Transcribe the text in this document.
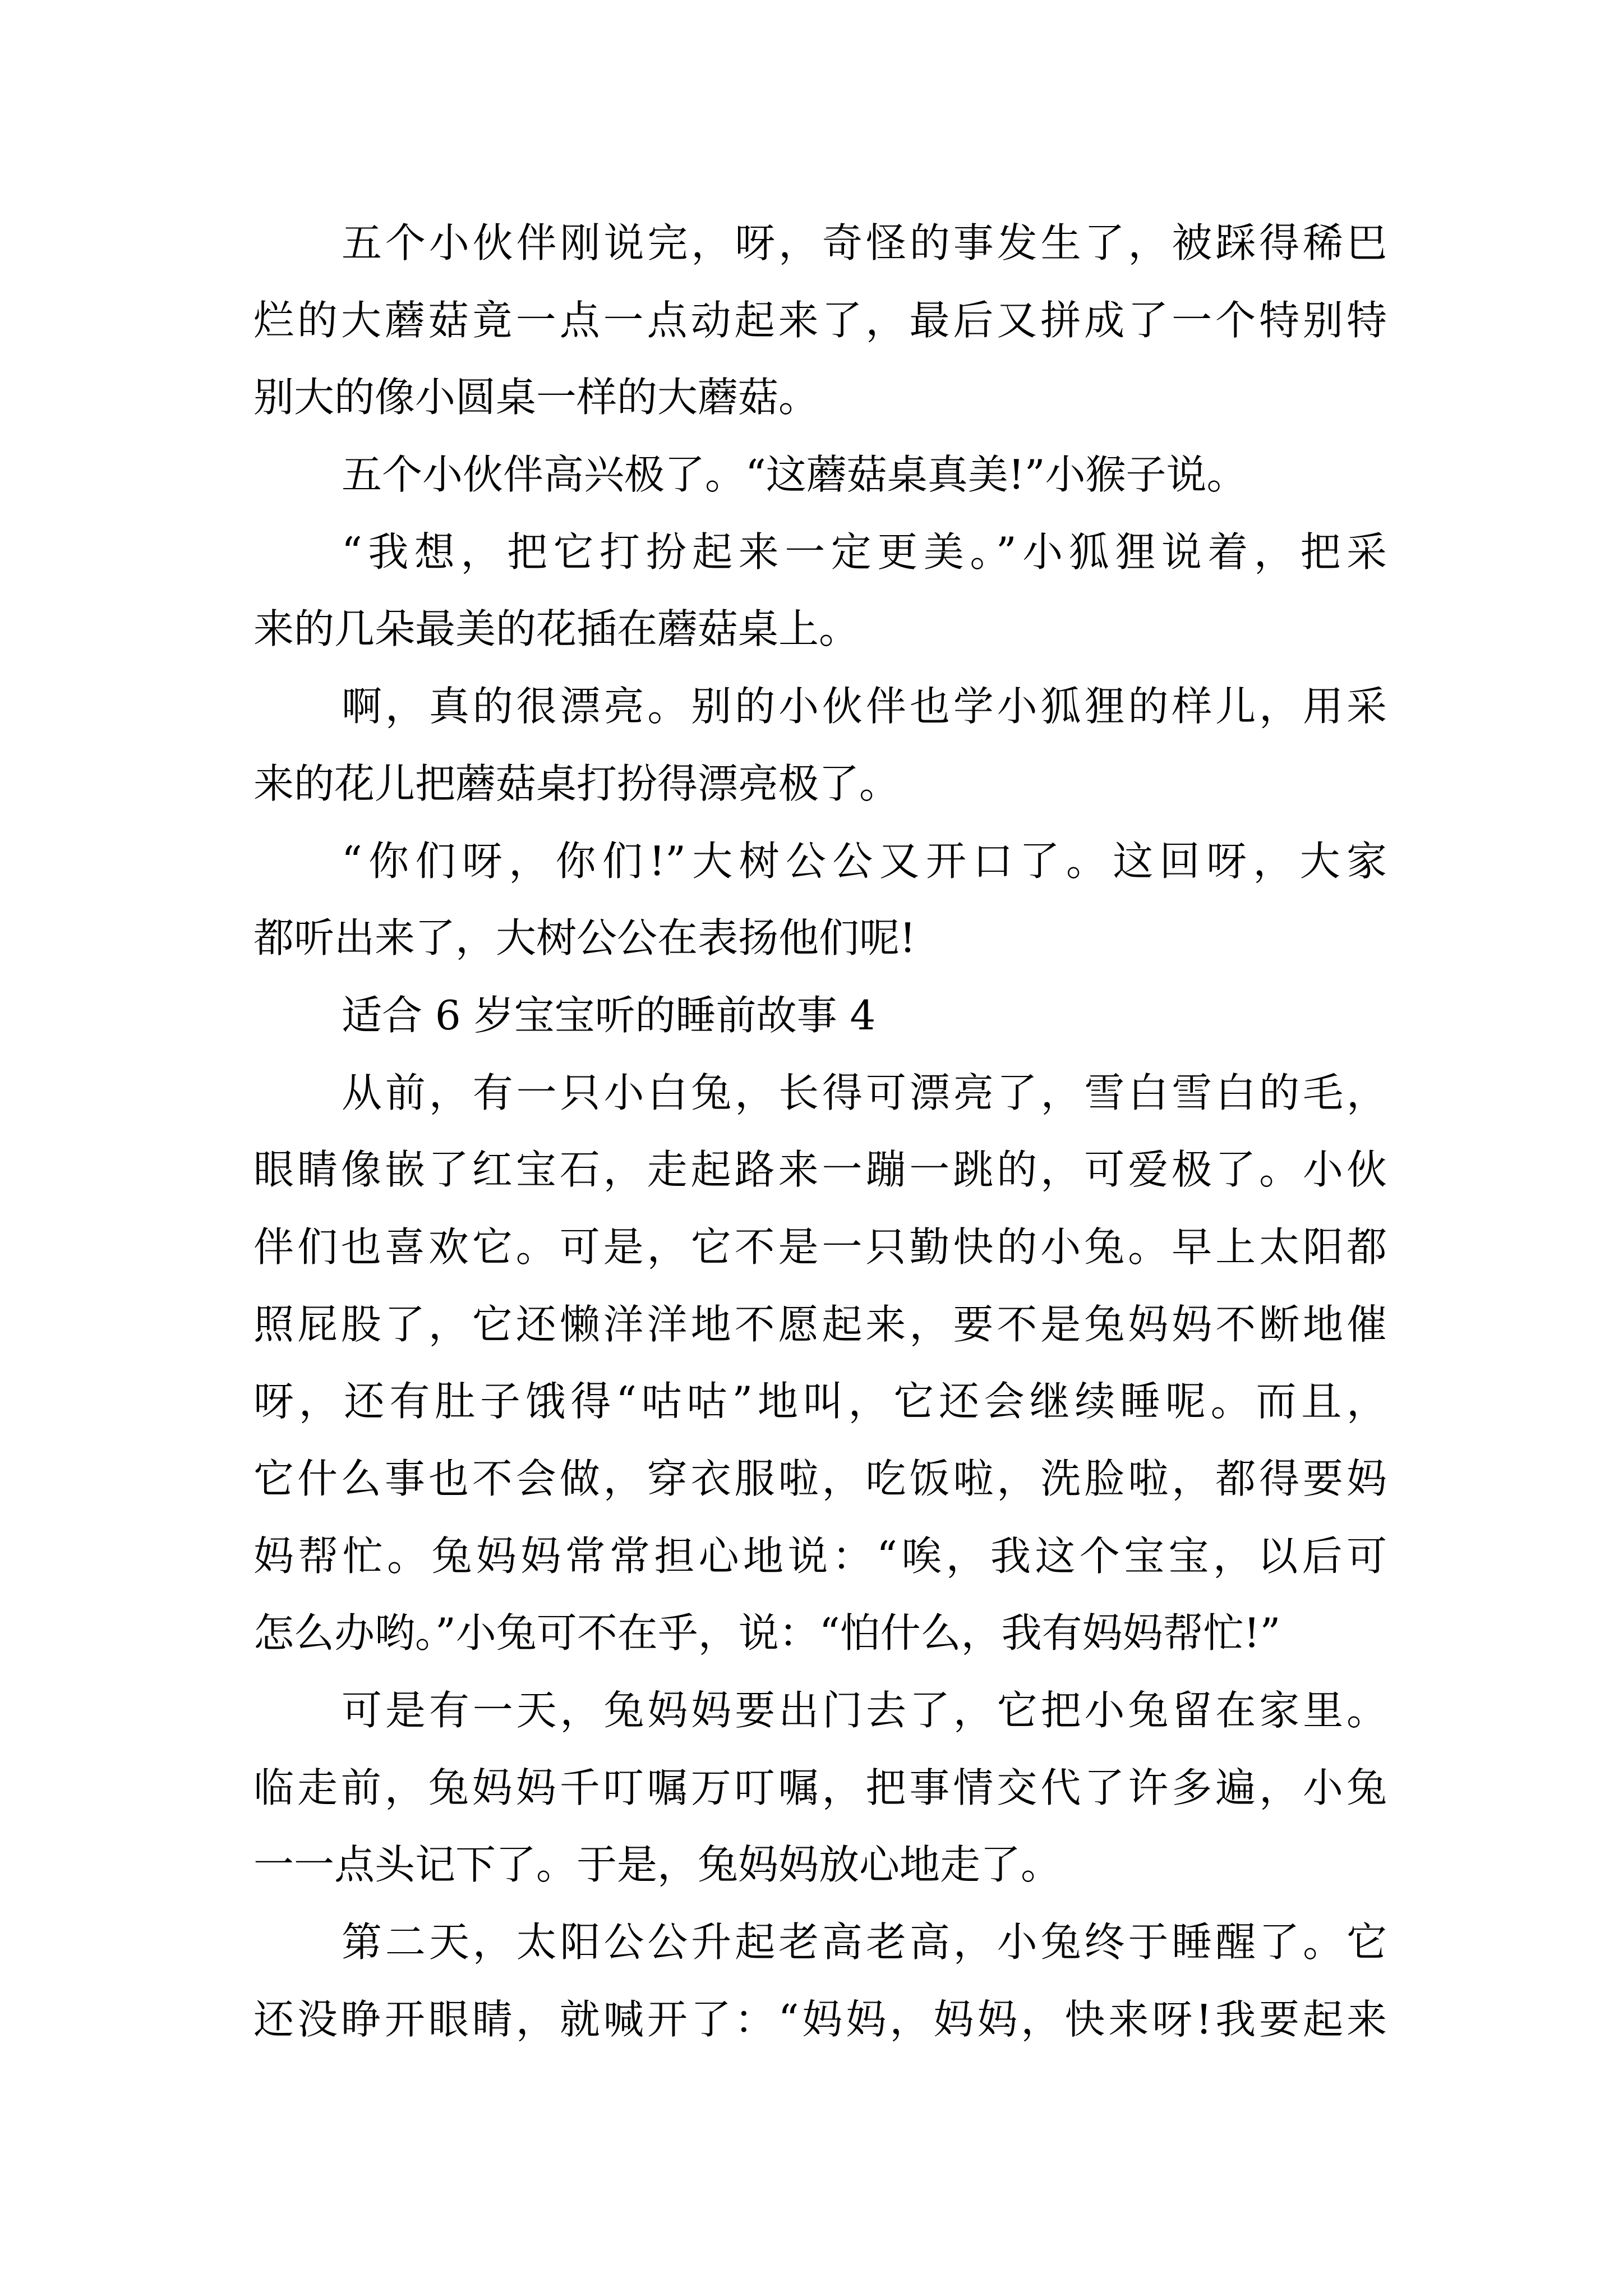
五个小伙伴刚说完，呀，奇怪的事发生了，被踩得稀巴
烂的大蘑菇竟一点一点动起来了，最后又拼成了一个特别特
别大的像小圆桌一样的大蘑菇。
五个小伙伴高兴极了。“这蘑菇桌真美!”小猴子说。
“我想，把它打扮起来一定更美。”小狐狸说着，把采
来的几朵最美的花插在蘑菇桌上。
啊，真的很漂亮。别的小伙伴也学小狐狸的样儿，用采
来的花儿把蘑菇桌打扮得漂亮极了。
“你们呀，你们!”大树公公又开口了。这回呀，大家
都听出来了，大树公公在表扬他们呢!
适合 6 岁宝宝听的睡前故事 4
从前，有一只小白兔，长得可漂亮了，雪白雪白的毛，
眼睛像嵌了红宝石，走起路来一蹦一跳的，可爱极了。小伙
伴们也喜欢它。可是，它不是一只勤快的小兔。早上太阳都
照屁股了，它还懒洋洋地不愿起来，要不是兔妈妈不断地催
呀，还有肚子饿得“咕咕”地叫，它还会继续睡呢。而且，
它什么事也不会做，穿衣服啦，吃饭啦，洗脸啦，都得要妈
妈帮忙。兔妈妈常常担心地说：“唉，我这个宝宝，以后可
怎么办哟。”小兔可不在乎，说：“怕什么，我有妈妈帮忙!”
可是有一天，兔妈妈要出门去了，它把小兔留在家里。
临走前，兔妈妈千叮嘱万叮嘱，把事情交代了许多遍，小兔
一一点头记下了。于是，兔妈妈放心地走了。
第二天，太阳公公升起老高老高，小兔终于睡醒了。它
还没睁开眼睛，就喊开了：“妈妈，妈妈，快来呀!我要起来
